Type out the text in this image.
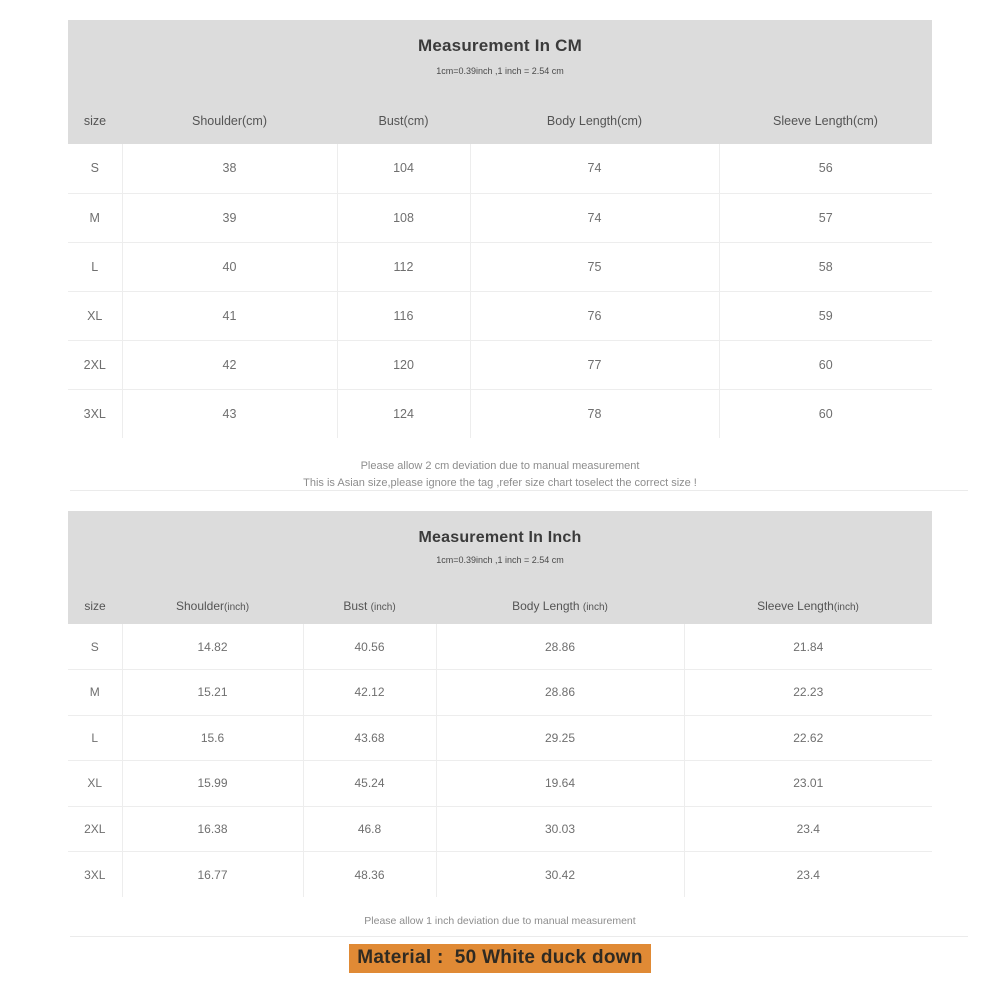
Measurement In CM
1cm=0.39inch ,1 inch = 2.54 cm
size	Shoulder(cm)	Bust(cm)	Body Length(cm)	Sleeve Length(cm)
S	38	104	74	56
M	39	108	74	57
L	40	112	75	58
XL	41	116	76	59
2XL	42	120	77	60
3XL	43	124	78	60
Please allow 2 cm deviation due to manual measurement
This is Asian size,please ignore the tag ,refer size chart toselect the correct size !
Measurement In Inch
1cm=0.39inch ,1 inch = 2.54 cm
size	Shoulder(inch)	Bust (inch)	Body Length (inch)	Sleeve Length(inch)
S	14.82	40.56	28.86	21.84
M	15.21	42.12	28.86	22.23
L	15.6	43.68	29.25	22.62
XL	15.99	45.24	19.64	23.01
2XL	16.38	46.8	30.03	23.4
3XL	16.77	48.36	30.42	23.4
Please allow 1 inch deviation due to manual measurement
Material :  50 White duck down
